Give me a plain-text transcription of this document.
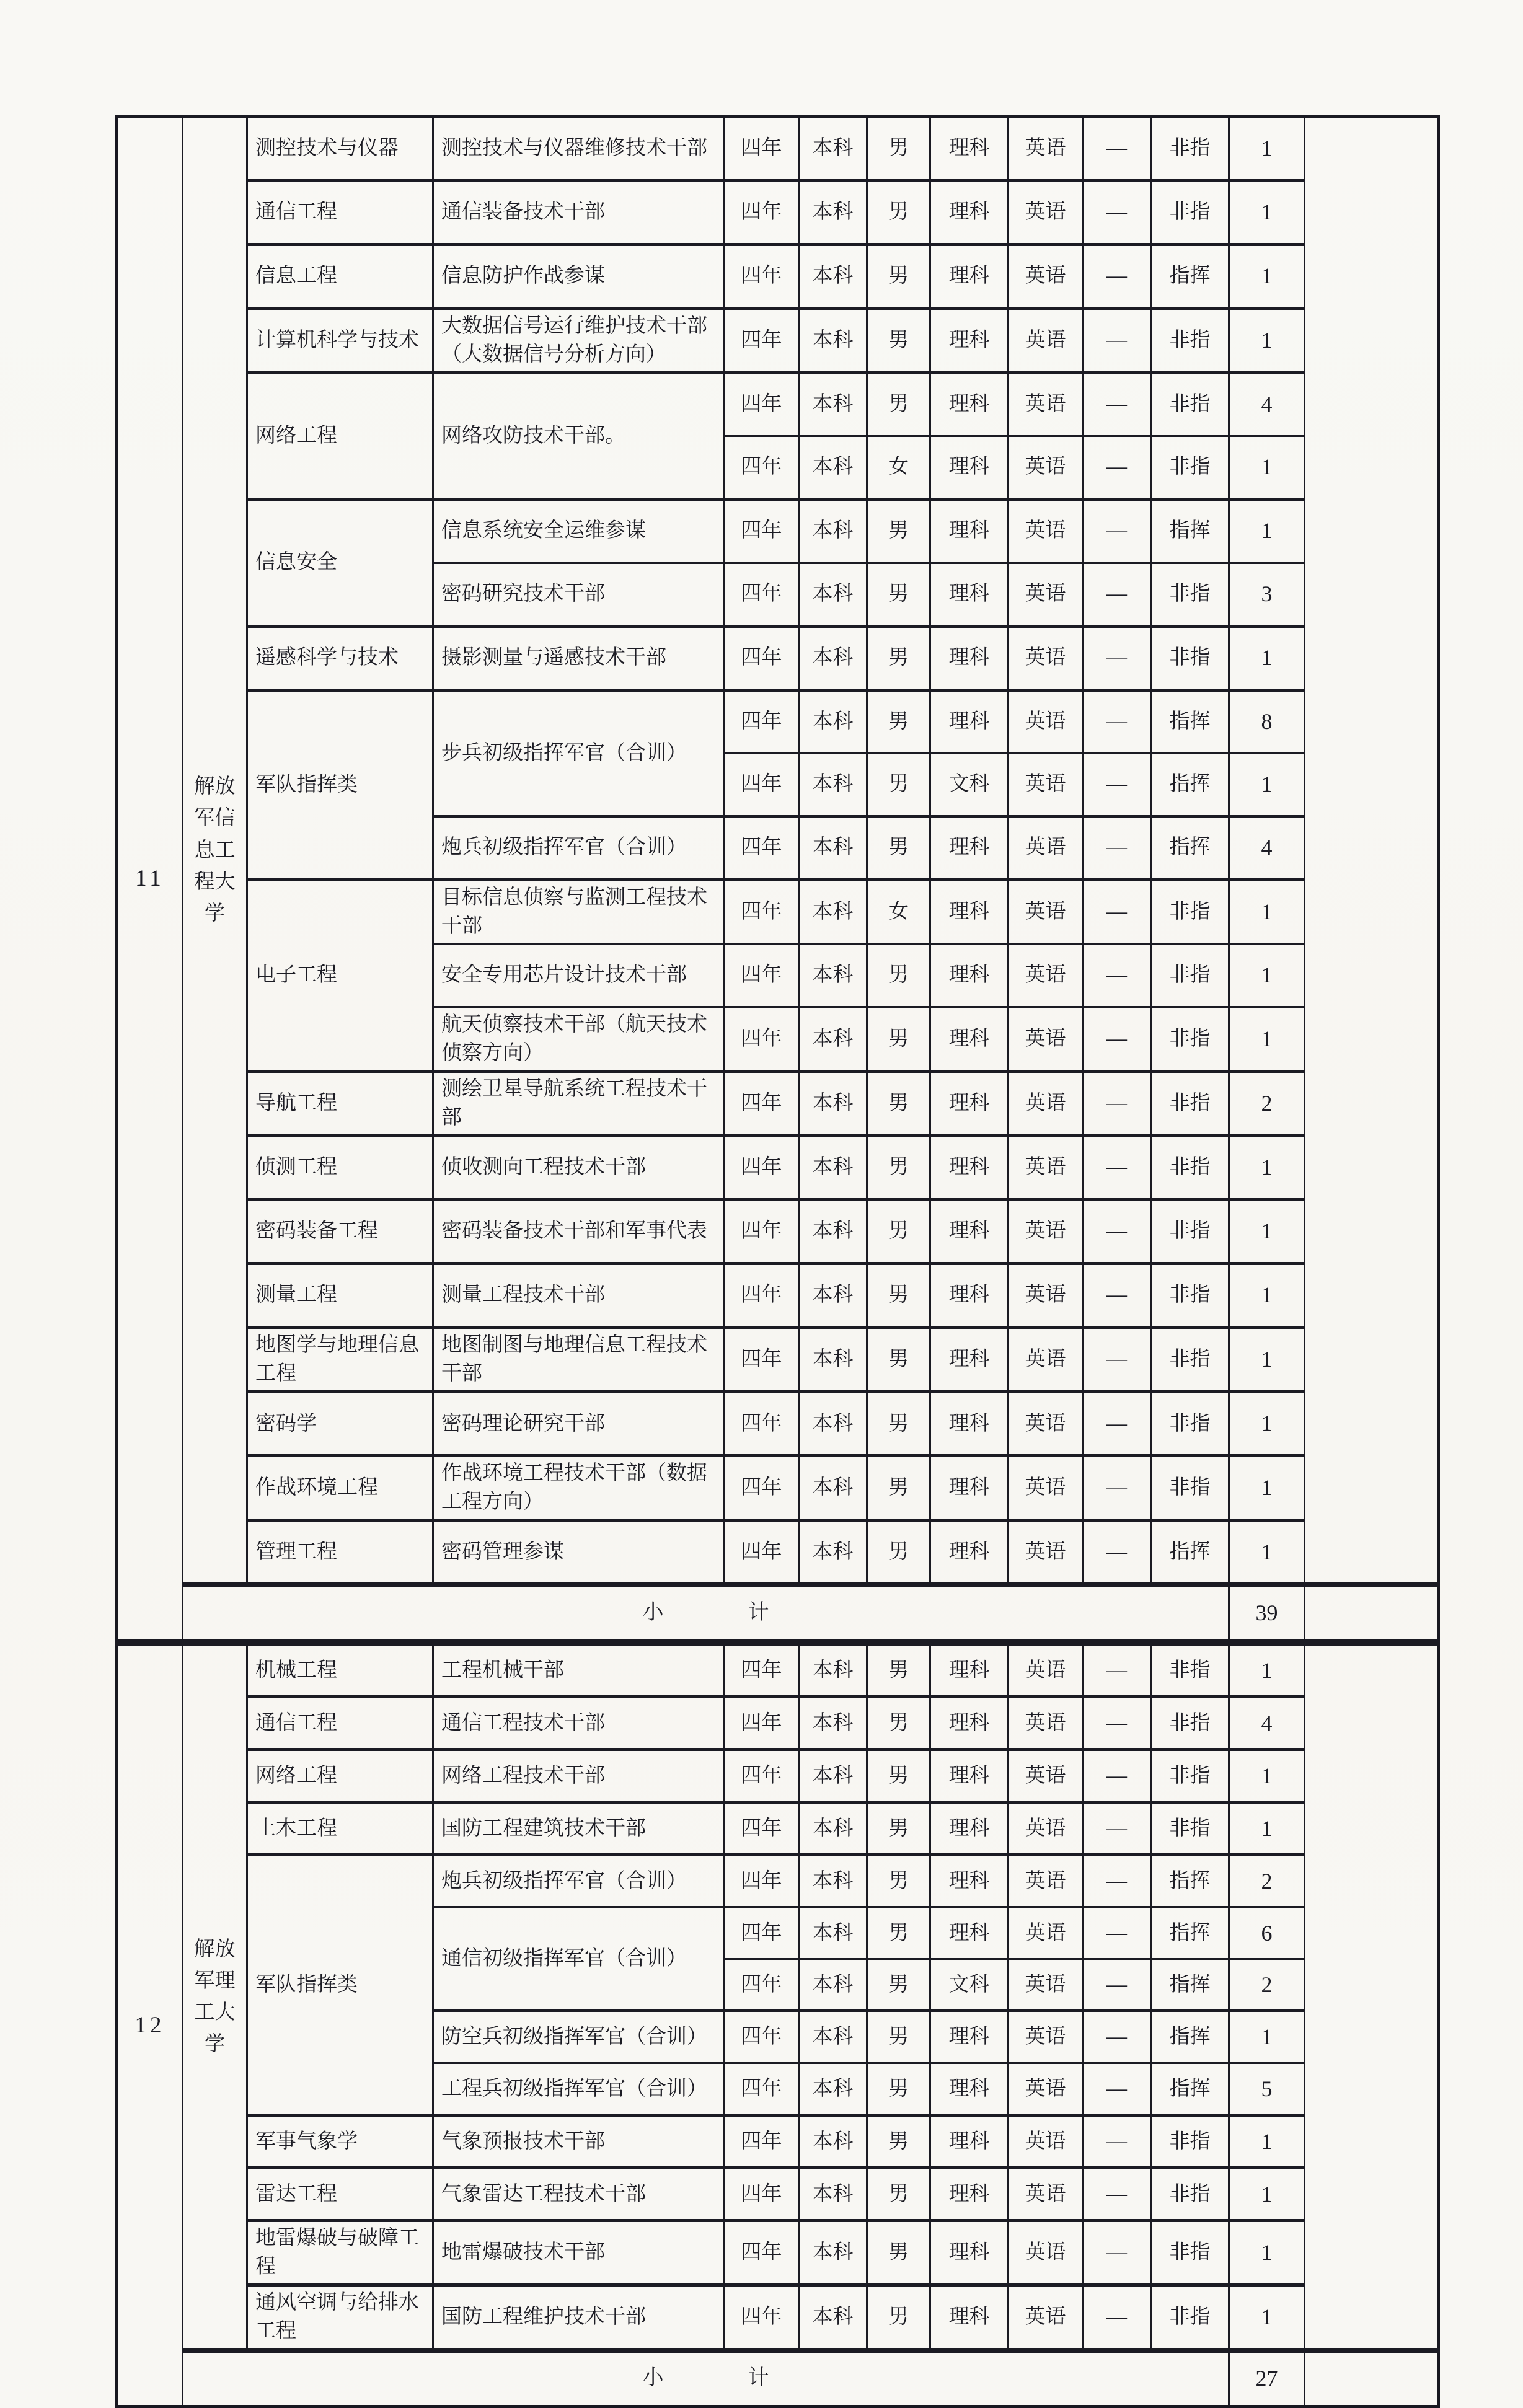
11	解放军信息工程大学	测控技术与仪器	测控技术与仪器维修技术干部	四年	本科	男	理科	英语	—	非指	1	
		通信工程	通信装备技术干部	四年	本科	男	理科	英语	—	非指	1	
		信息工程	信息防护作战参谋	四年	本科	男	理科	英语	—	指挥	1	
		计算机科学与技术	大数据信号运行维护技术干部（大数据信号分析方向）	四年	本科	男	理科	英语	—	非指	1	
		网络工程	网络攻防技术干部。	四年	本科	男	理科	英语	—	非指	4	
				四年	本科	女	理科	英语	—	非指	1	
		信息安全	信息系统安全运维参谋	四年	本科	男	理科	英语	—	指挥	1	
			密码研究技术干部	四年	本科	男	理科	英语	—	非指	3	
		遥感科学与技术	摄影测量与遥感技术干部	四年	本科	男	理科	英语	—	非指	1	
		军队指挥类	步兵初级指挥军官（合训）	四年	本科	男	理科	英语	—	指挥	8	
				四年	本科	男	文科	英语	—	指挥	1	
			炮兵初级指挥军官（合训）	四年	本科	男	理科	英语	—	指挥	4	
		电子工程	目标信息侦察与监测工程技术干部	四年	本科	女	理科	英语	—	非指	1	
			安全专用芯片设计技术干部	四年	本科	男	理科	英语	—	非指	1	
			航天侦察技术干部（航天技术侦察方向）	四年	本科	男	理科	英语	—	非指	1	
		导航工程	测绘卫星导航系统工程技术干部	四年	本科	男	理科	英语	—	非指	2	
		侦测工程	侦收测向工程技术干部	四年	本科	男	理科	英语	—	非指	1	
		密码装备工程	密码装备技术干部和军事代表	四年	本科	男	理科	英语	—	非指	1	
		测量工程	测量工程技术干部	四年	本科	男	理科	英语	—	非指	1	
		地图学与地理信息工程	地图制图与地理信息工程技术干部	四年	本科	男	理科	英语	—	非指	1	
		密码学	密码理论研究干部	四年	本科	男	理科	英语	—	非指	1	
		作战环境工程	作战环境工程技术干部（数据工程方向）	四年	本科	男	理科	英语	—	非指	1	
		管理工程	密码管理参谋	四年	本科	男	理科	英语	—	指挥	1	
	小　　　　计										39	
12	解放军理工大学	机械工程	工程机械干部	四年	本科	男	理科	英语	—	非指	1	
		通信工程	通信工程技术干部	四年	本科	男	理科	英语	—	非指	4	
		网络工程	网络工程技术干部	四年	本科	男	理科	英语	—	非指	1	
		土木工程	国防工程建筑技术干部	四年	本科	男	理科	英语	—	非指	1	
		军队指挥类	炮兵初级指挥军官（合训）	四年	本科	男	理科	英语	—	指挥	2	
			通信初级指挥军官（合训）	四年	本科	男	理科	英语	—	指挥	6	
				四年	本科	男	文科	英语	—	指挥	2	
			防空兵初级指挥军官（合训）	四年	本科	男	理科	英语	—	指挥	1	
			工程兵初级指挥军官（合训）	四年	本科	男	理科	英语	—	指挥	5	
		军事气象学	气象预报技术干部	四年	本科	男	理科	英语	—	非指	1	
		雷达工程	气象雷达工程技术干部	四年	本科	男	理科	英语	—	非指	1	
		地雷爆破与破障工程	地雷爆破技术干部	四年	本科	男	理科	英语	—	非指	1	
		通风空调与给排水工程	国防工程维护技术干部	四年	本科	男	理科	英语	—	非指	1	
	小　　　　计										27	
